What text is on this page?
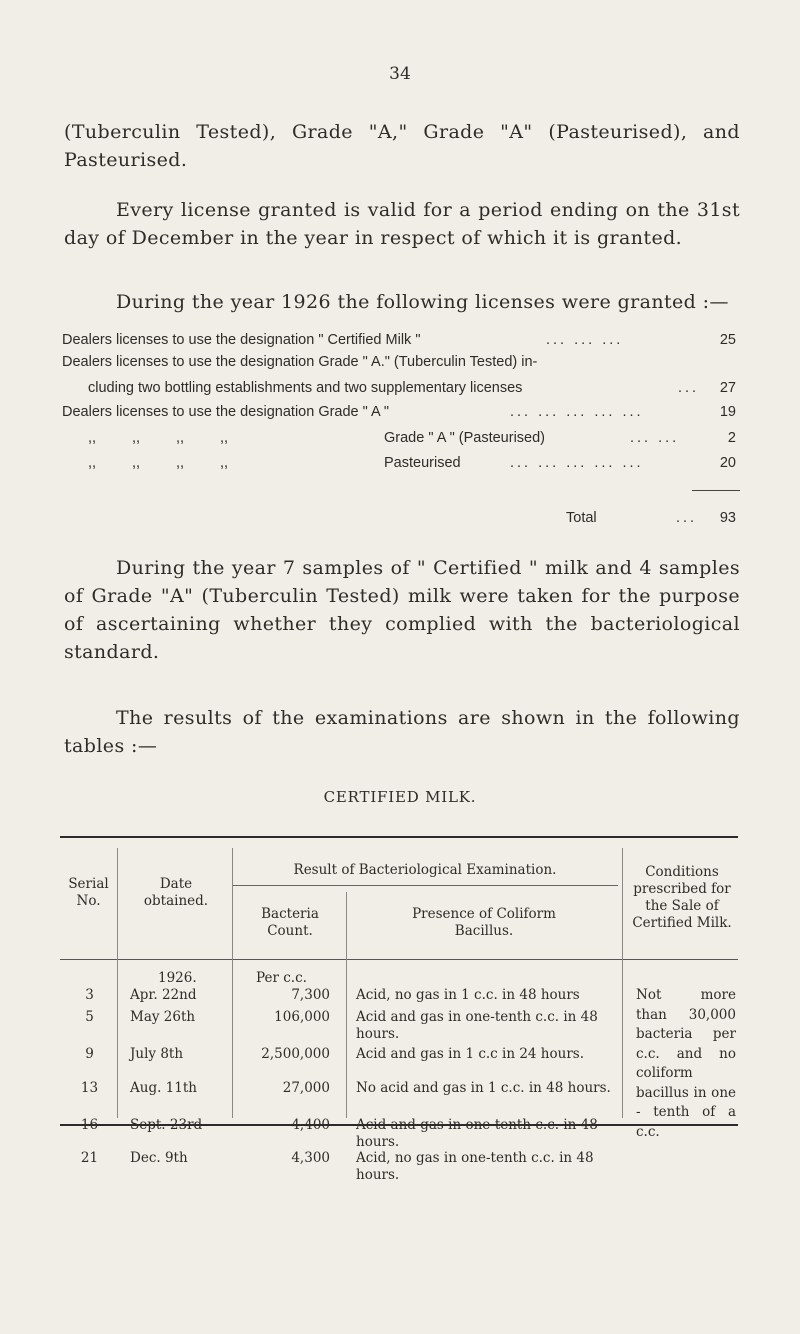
34
(Tuberculin Tested), Grade "A," Grade "A" (Pasteurised), and Pasteurised.
Every license granted is valid for a period ending on the 31st day of December in the year in respect of which it is granted.
During the year 1926 the following licenses were granted :—
Dealers licenses to use the designation " Certified Milk "	... ... ...	25
Dealers licenses to use the designation Grade " A." (Tuberculin Tested) in-
cluding two bottling establishments and two supplementary licenses	... 27
Dealers licenses to use the designation Grade " A "	... ... ... ... ...	19
,, ,, ,, ,,	Grade " A " (Pasteurised)	... ...	2
,, ,, ,, ,,	Pasteurised	... ... ... ... ...	20
Total	... 93
During the year 7 samples of " Certified " milk and 4 samples of Grade "A" (Tuberculin Tested) milk were taken for the purpose of ascertaining whether they complied with the bacteriological standard.
The results of the examinations are shown in the following tables :—
CERTIFIED MILK.
Serial No.
Date obtained.
Result of Bacteriological Examination.
Bacteria Count.
Presence of Coliform Bacillus.
Conditions prescribed for the Sale of Certified Milk.
1926.	Per c.c.
Not more than 30,000 bacteria per c.c. and no coliform bacillus in one - tenth of a c.c.
3	Apr. 22nd	7,300 Acid, no gas in 1 c.c. in 48 hours
5	May 26th	106,000 Acid and gas in one-tenth c.c. in 48 hours.
9	July 8th	2,500,000 Acid and gas in 1 c.c in 24 hours.
13	Aug. 11th	27,000 No acid and gas in 1 c.c. in 48 hours.
16	Sept. 23rd	4,400 Acid and gas in one-tenth c.c. in 48 hours.
21	Dec. 9th	4,300 Acid, no gas in one-tenth c.c. in 48 hours.
